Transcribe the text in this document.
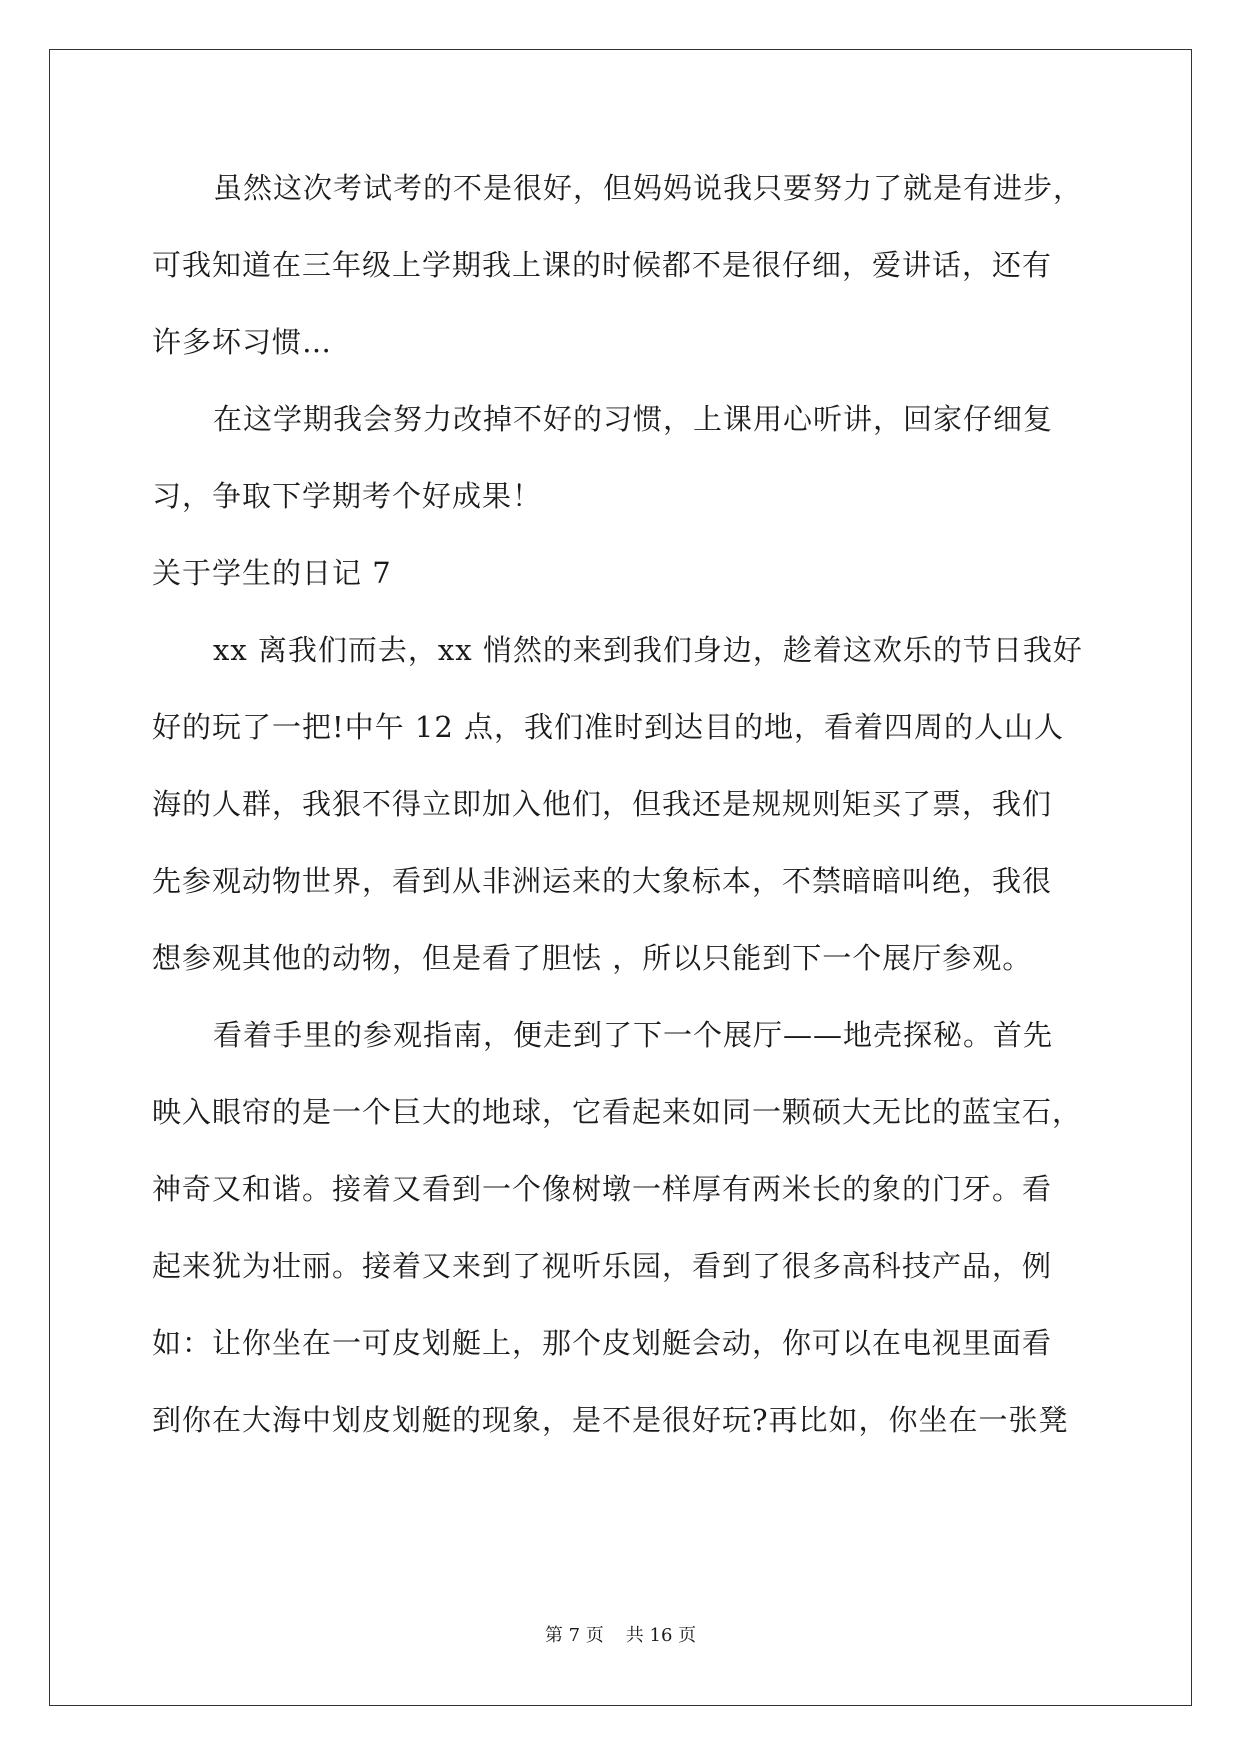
虽然这次考试考的不是很好，但妈妈说我只要努力了就是有进步，
可我知道在三年级上学期我上课的时候都不是很仔细，爱讲话，还有
许多坏习惯…
在这学期我会努力改掉不好的习惯，上课用心听讲，回家仔细复
习，争取下学期考个好成果！
关于学生的日记 7
xx 离我们而去，xx 悄然的来到我们身边，趁着这欢乐的节日我好
好的玩了一把!中午 12 点，我们准时到达目的地，看着四周的人山人
海的人群，我狠不得立即加入他们，但我还是规规则矩买了票，我们
先参观动物世界，看到从非洲运来的大象标本，不禁暗暗叫绝，我很
想参观其他的动物，但是看了胆怯 ，所以只能到下一个展厅参观。
看着手里的参观指南，便走到了下一个展厅——地壳探秘。首先
映入眼帘的是一个巨大的地球，它看起来如同一颗硕大无比的蓝宝石，
神奇又和谐。接着又看到一个像树墩一样厚有两米长的象的门牙。看
起来犹为壮丽。接着又来到了视听乐园，看到了很多高科技产品，例
如：让你坐在一可皮划艇上，那个皮划艇会动，你可以在电视里面看
到你在大海中划皮划艇的现象，是不是很好玩?再比如，你坐在一张凳
第 7 页 共 16 页
